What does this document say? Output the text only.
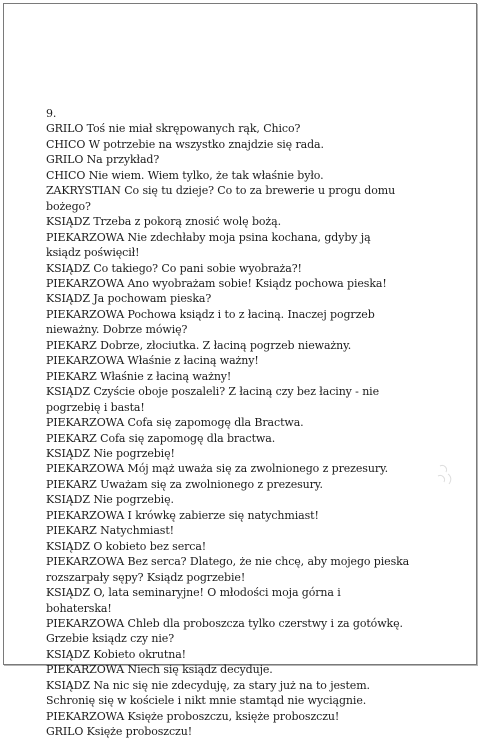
9.
GRILO Toś nie miał skrępowanych rąk, Chico?
CHICO W potrzebie na wszystko znajdzie się rada.
GRILO Na przykład?
CHICO Nie wiem. Wiem tylko, że tak właśnie było.
ZAKRYSTIAN Co się tu dzieje? Co to za brewerie u progu domu
bożego?
KSIĄDZ Trzeba z pokorą znosić wolę bożą.
PIEKARZOWA Nie zdechłaby moja psina kochana, gdyby ją
ksiądz poświęcił!
KSIĄDZ Co takiego? Co pani sobie wyobraża?!
PIEKARZOWA Ano wyobrażam sobie! Ksiądz pochowa pieska!
KSIĄDZ Ja pochowam pieska?
PIEKARZOWA Pochowa ksiądz i to z łaciną. Inaczej pogrzeb
nieważny. Dobrze mówię?
PIEKARZ Dobrze, złociutka. Z łaciną pogrzeb nieważny.
PIEKARZOWA Właśnie z łaciną ważny!
PIEKARZ Właśnie z łaciną ważny!
KSIĄDZ Czyście oboje poszaleli? Z łaciną czy bez łaciny - nie
pogrzebię i basta!
PIEKARZOWA Cofa się zapomogę dla Bractwa.
PIEKARZ Cofa się zapomogę dla bractwa.
KSIĄDZ Nie pogrzebię!
PIEKARZOWA Mój mąż uważa się za zwolnionego z prezesury.
PIEKARZ Uważam się za zwolnionego z prezesury.
KSIĄDZ Nie pogrzebię.
PIEKARZOWA I krówkę zabierze się natychmiast!
PIEKARZ Natychmiast!
KSIĄDZ O kobieto bez serca!
PIEKARZOWA Bez serca? Dlatego, że nie chcę, aby mojego pieska
rozszarpały sępy? Ksiądz pogrzebie!
KSIĄDZ O, lata seminaryjne! O młodości moja górna i
bohaterska!
PIEKARZOWA Chleb dla proboszcza tylko czerstwy i za gotówkę.
Grzebie ksiądz czy nie?
KSIĄDZ Kobieto okrutna!
PIEKARZOWA Niech się ksiądz decyduje.
KSIĄDZ Na nic się nie zdecyduję, za stary już na to jestem.
Schronię się w kościele i nikt mnie stamtąd nie wyciągnie.
PIEKARZOWA Księże proboszczu, księże proboszczu!
GRILO Księże proboszczu!
